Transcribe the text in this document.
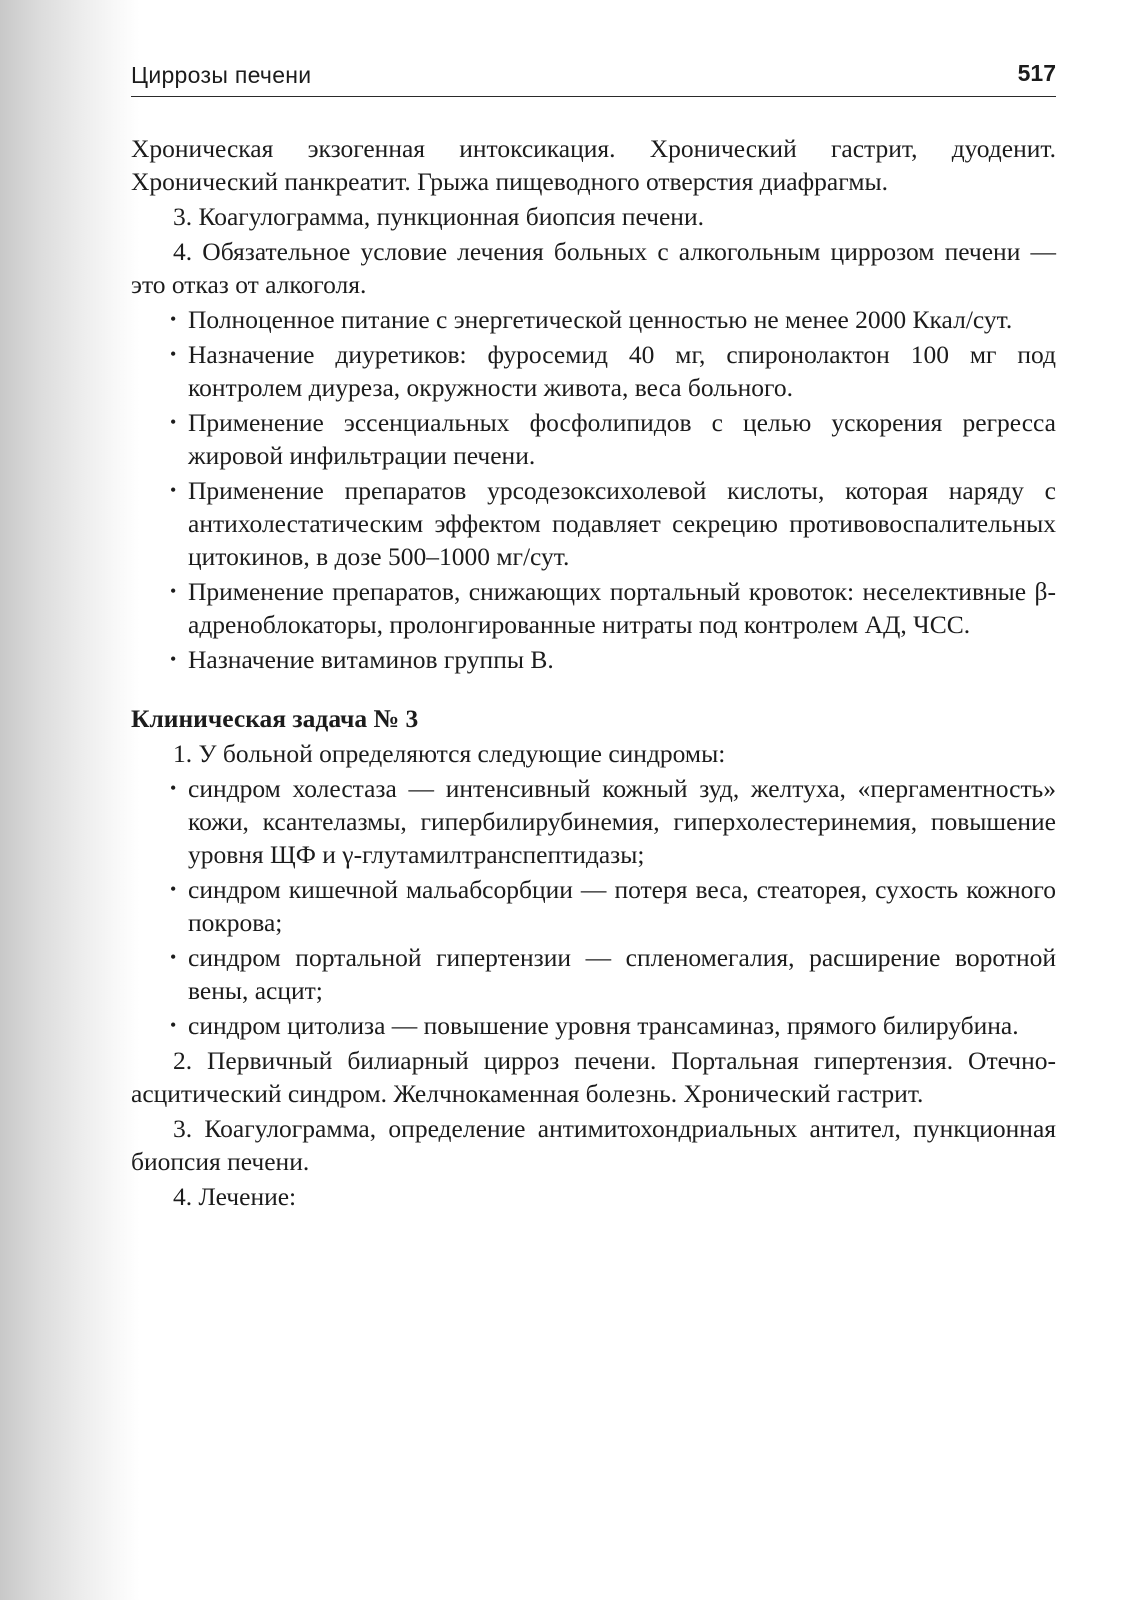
Циррозы печени	517

Хроническая экзогенная интоксикация. Хронический гастрит, дуоденит. Хронический панкреатит. Грыжа пищеводного отверстия диафрагмы.

3. Коагулограмма, пункционная биопсия печени.

4. Обязательное условие лечения больных с алкогольным циррозом печени — это отказ от алкоголя.

• Полноценное питание с энергетической ценностью не менее 2000 Ккал/сут.
• Назначение диуретиков: фуросемид 40 мг, спиронолактон 100 мг под контролем диуреза, окружности живота, веса больного.
• Применение эссенциальных фосфолипидов с целью ускорения регресса жировой инфильтрации печени.
• Применение препаратов урсодезоксихолевой кислоты, которая наряду с антихолестатическим эффектом подавляет секрецию противовоспалительных цитокинов, в дозе 500–1000 мг/сут.
• Применение препаратов, снижающих портальный кровоток: неселективные β-адреноблокаторы, пролонгированные нитраты под контролем АД, ЧСС.
• Назначение витаминов группы В.

Клиническая задача № 3

1. У больной определяются следующие синдромы:

• синдром холестаза — интенсивный кожный зуд, желтуха, «пергаментность» кожи, ксантелазмы, гипербилирубинемия, гиперхолестеринемия, повышение уровня ЩФ и γ-глутамилтранспептидазы;
• синдром кишечной мальабсорбции — потеря веса, стеаторея, сухость кожного покрова;
• синдром портальной гипертензии — спленомегалия, расширение воротной вены, асцит;
• синдром цитолиза — повышение уровня трансаминаз, прямого билирубина.

2. Первичный билиарный цирроз печени. Портальная гипертензия. Отечно-асцитический синдром. Желчнокаменная болезнь. Хронический гастрит.

3. Коагулограмма, определение антимитохондриальных антител, пункционная биопсия печени.

4. Лечение:
